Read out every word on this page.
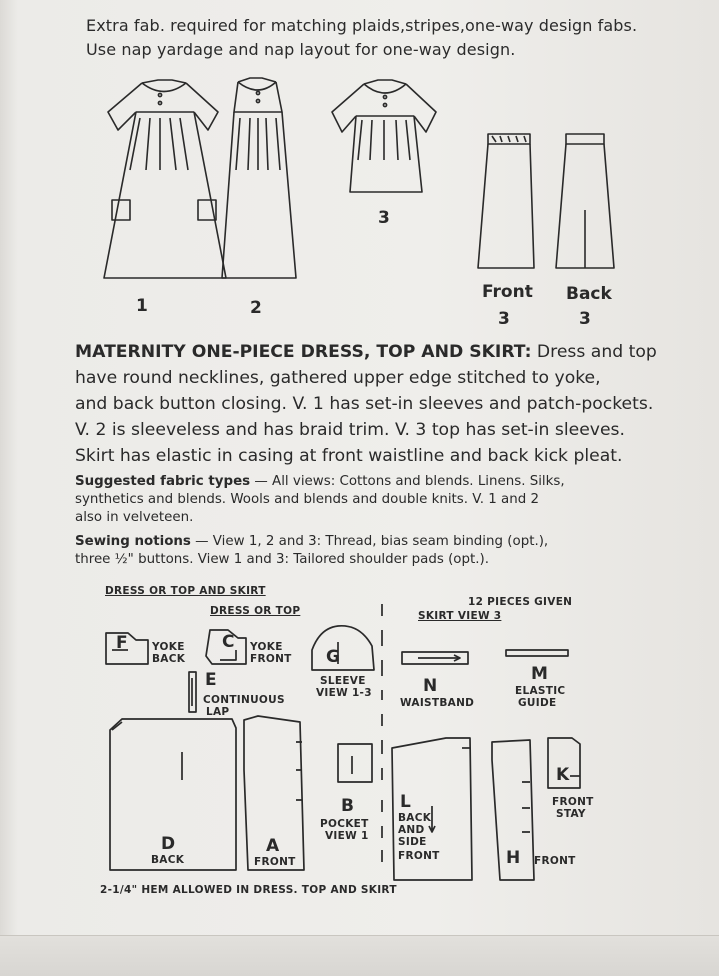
Extra fab. required for matching plaids,stripes,one-way design fabs.
Use nap yardage and nap layout for one-way design.
1	2
3
Front
3
Back
3
MATERNITY ONE-PIECE DRESS, TOP AND SKIRT: Dress and top
have round necklines, gathered upper edge stitched to yoke,
and back button closing. V. 1 has set-in sleeves and patch-pockets.
V. 2 is sleeveless and has braid trim. V. 3 top has set-in sleeves.
Skirt has elastic in casing at front waistline and back kick pleat.
Suggested fabric types — All views: Cottons and blends. Linens. Silks,
synthetics and blends. Wools and blends and double knits. V. 1 and 2
also in velveteen.
Sewing notions — View 1, 2 and 3: Thread, bias seam binding (opt.),
three ½" buttons. View 1 and 3: Tailored shoulder pads (opt.).
DRESS OR TOP AND SKIRT
DRESS OR TOP
12 PIECES GIVEN
SKIRT VIEW 3
F YOKE
BACK
C YOKE
FRONT G
SLEEVE
VIEW 1-3	N
WAISTBAND
M
ELASTIC
GUIDE
E
CONTINUOUS
LAP
D
BACK
A
FRONT
B
POCKET
VIEW 1
L
BACK
AND
SIDE
FRONT	H FRONT
K
FRONT
STAY
2-1/4" HEM ALLOWED IN DRESS. TOP AND SKIRT
